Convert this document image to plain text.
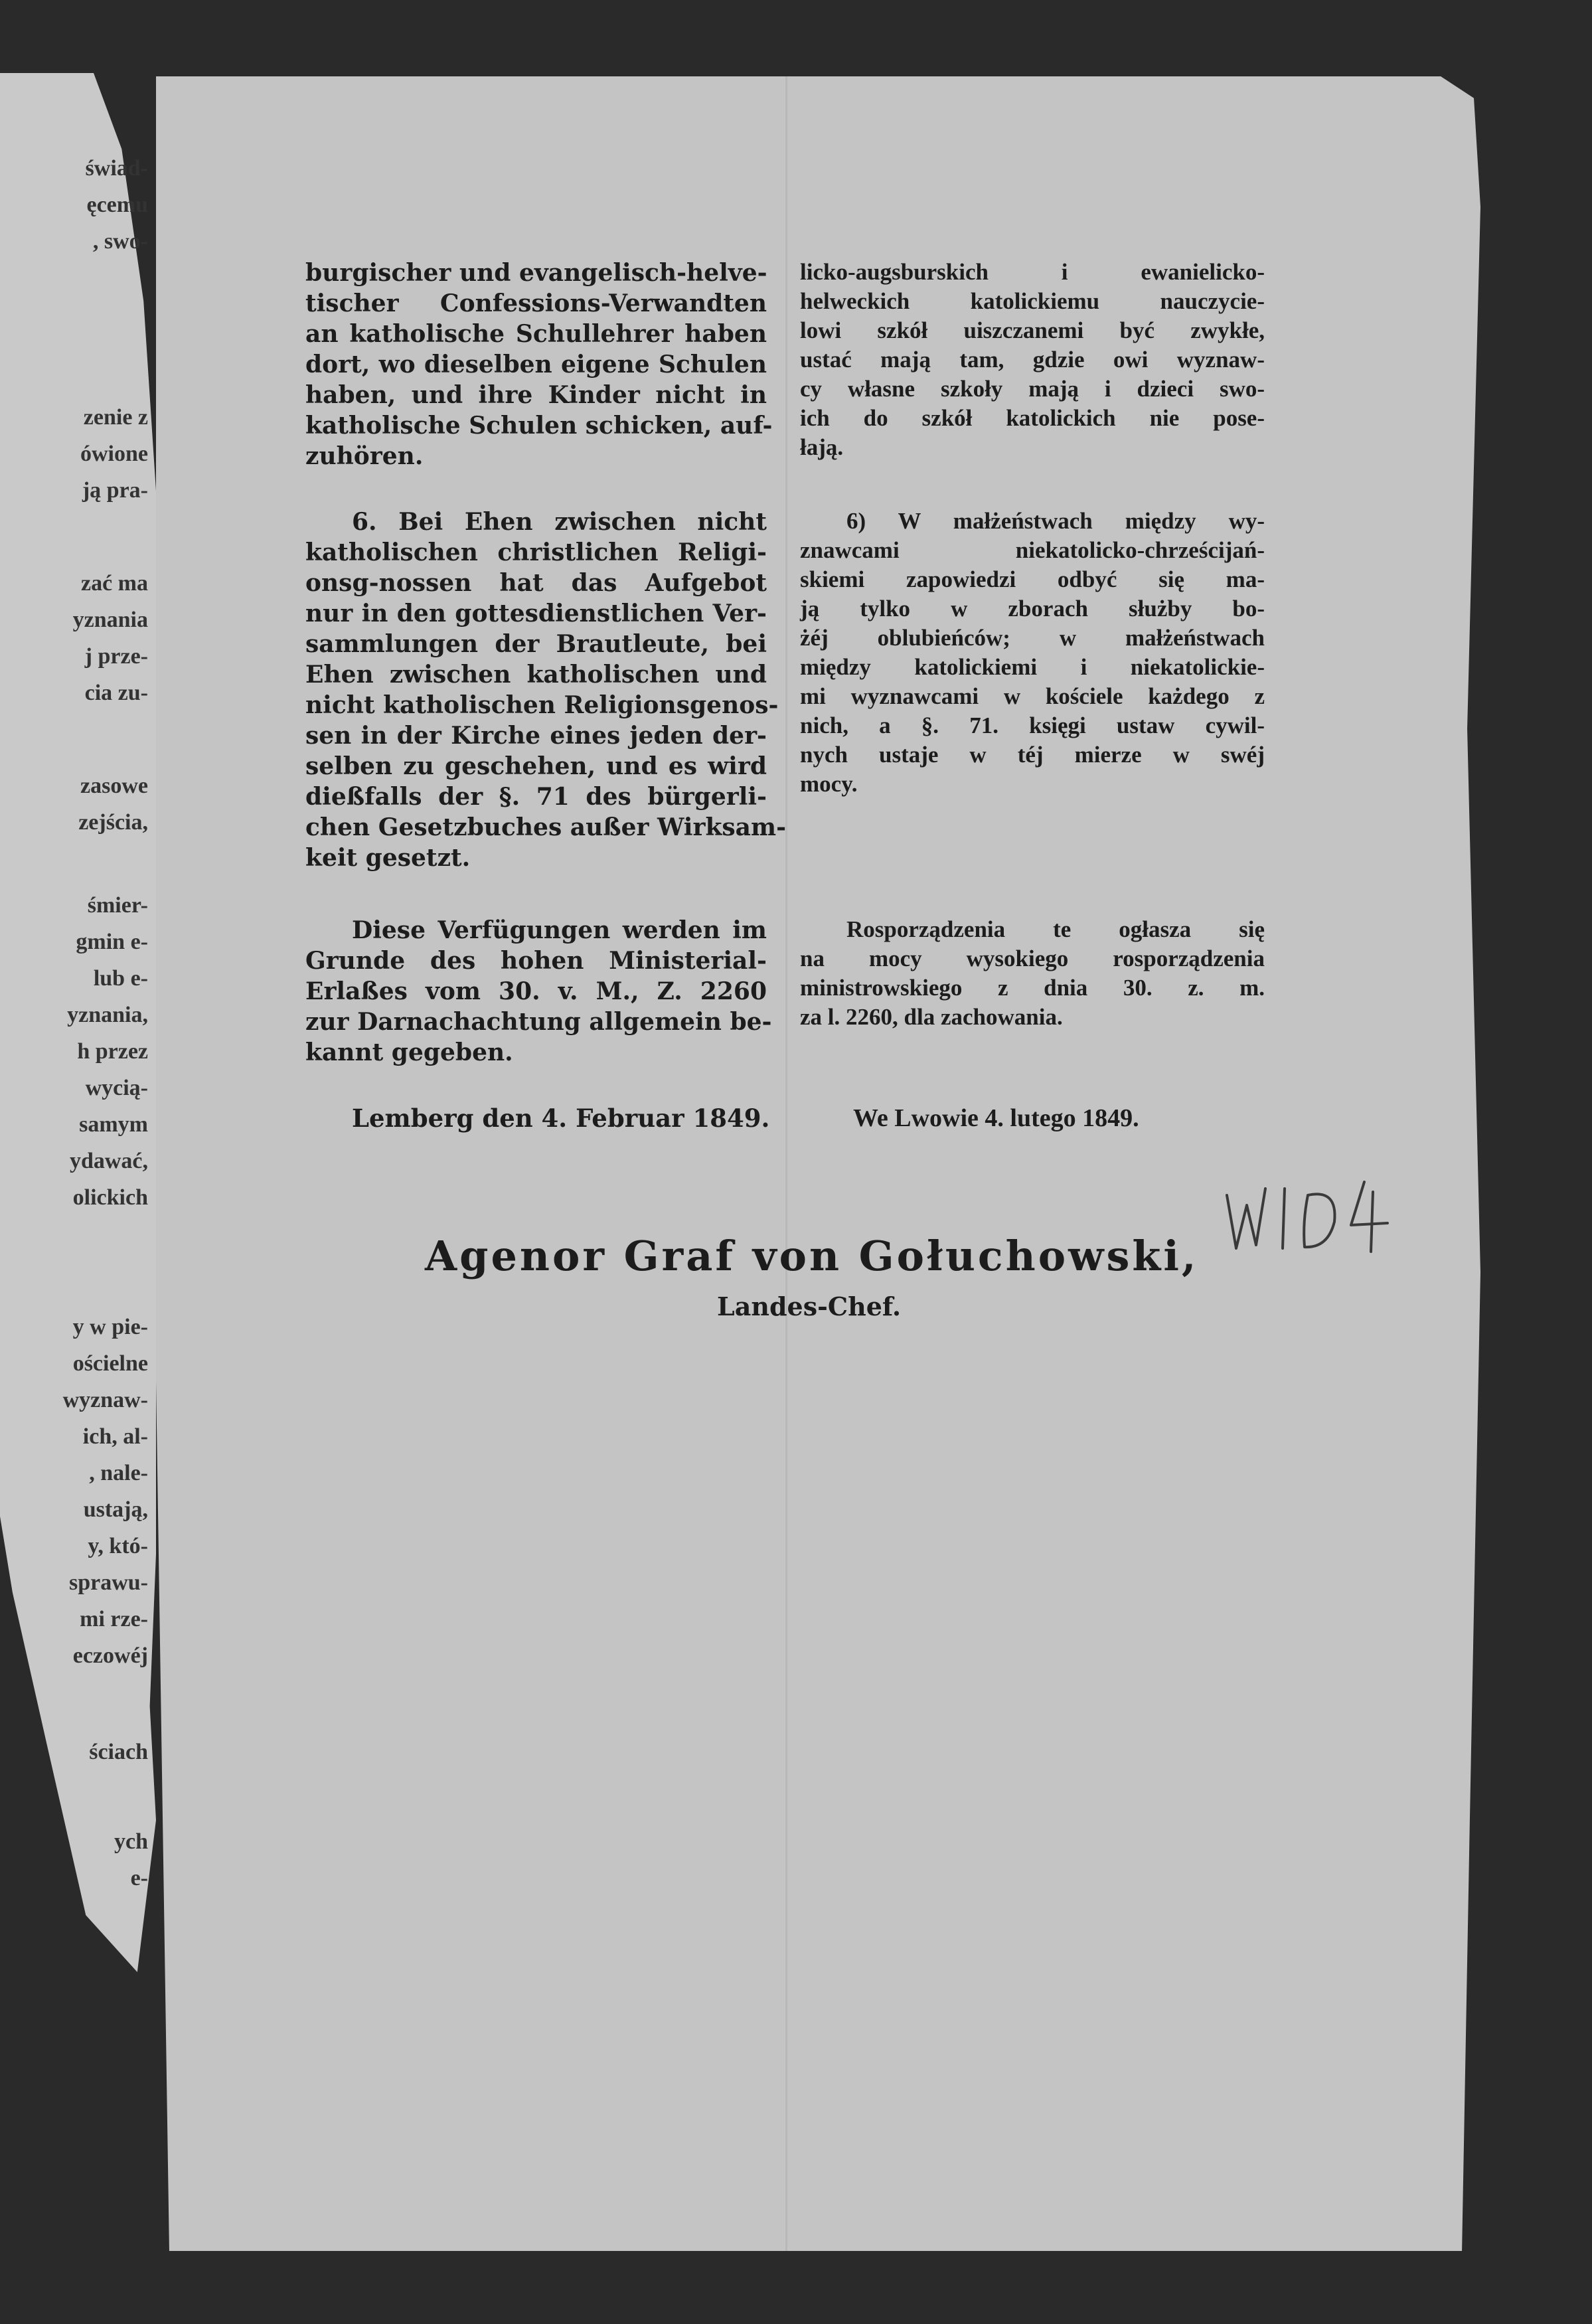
świad-
ęcemu
, swo-
zenie z
ówione
ją pra-
zać ma
yznania
j prze-
cia zu-
zasowe
zejścia,
śmier-
gmin e-
lub e-
yznania,
h przez
wycią-
samym
ydawać,
olickich
y w pie-
ościelne
wyznaw-
ich, al-
, nale-
ustają,
y, któ-
sprawu-
mi rze-
eczowéj
ściach
ych
e-
burgischer und evangelisch-helve-
tischer Confessions-Verwandten
an katholische Schullehrer haben
dort, wo dieselben eigene Schulen
haben, und ihre Kinder nicht in
katholische Schulen schicken, auf-
zuhören.
6. Bei Ehen zwischen nicht
katholischen christlichen Religi-
onsg-nossen hat das Aufgebot
nur in den gottesdienstlichen Ver-
sammlungen der Brautleute, bei
Ehen zwischen katholischen und
nicht katholischen Religionsgenos-
sen in der Kirche eines jeden der-
selben zu geschehen, und es wird
dießfalls der §. 71 des bürgerli-
chen Gesetzbuches außer Wirksam-
keit gesetzt.
Diese Verfügungen werden im
Grunde des hohen Ministerial-
Erlaßes vom 30. v. M., Z. 2260
zur Darnachachtung allgemein be-
kannt gegeben.
licko-augsburskich i ewanielicko-
helweckich katolickiemu nauczycie-
lowi szkół uiszczanemi być zwykłe,
ustać mają tam, gdzie owi wyznaw-
cy własne szkoły mają i dzieci swo-
ich do szkół katolickich nie pose-
łają.
6) W małżeństwach między wy-
znawcami niekatolicko-chrześcijań-
skiemi zapowiedzi odbyć się ma-
ją tylko w zborach służby bo-
żéj oblubieńców; w małżeństwach
między katolickiemi i niekatolickie-
mi wyznawcami w kościele każdego z
nich, a §. 71. księgi ustaw cywil-
nych ustaje w téj mierze w swéj
mocy.
Rosporządzenia te ogłasza się
na mocy wysokiego rosporządzenia
ministrowskiego z dnia 30. z. m.
za l. 2260, dla zachowania.
Lemberg den 4. Februar 1849.	We Lwowie 4. lutego 1849.
Agenor Graf von Gołuchowski,
Landes-Chef.
